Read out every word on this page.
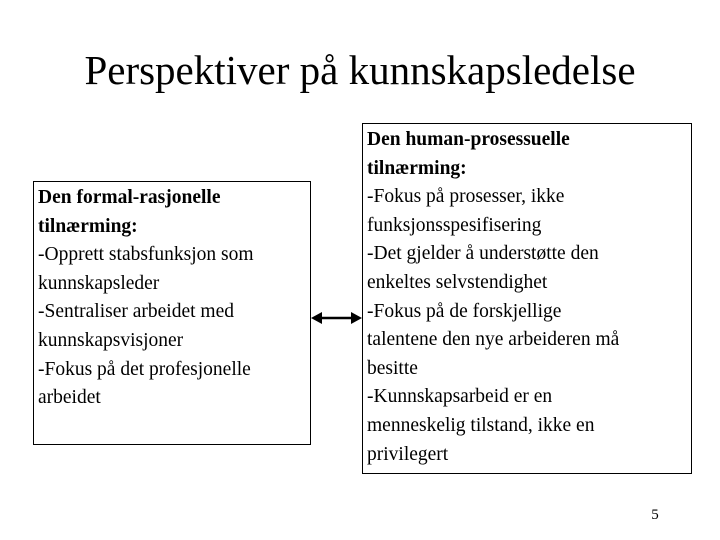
Perspektiver på kunnskapsledelse
Den formal-rasjonelle
tilnærming:
-Opprett stabsfunksjon som
kunnskapsleder
-Sentraliser arbeidet med
kunnskapsvisjoner
-Fokus på det profesjonelle
arbeidet
Den human-prosessuelle
tilnærming:
-Fokus på prosesser, ikke
funksjonsspesifisering
-Det gjelder å understøtte den
enkeltes selvstendighet
-Fokus på de forskjellige
talentene den nye arbeideren må
besitte
-Kunnskapsarbeid er en
menneskelig tilstand, ikke en
privilegert
5
